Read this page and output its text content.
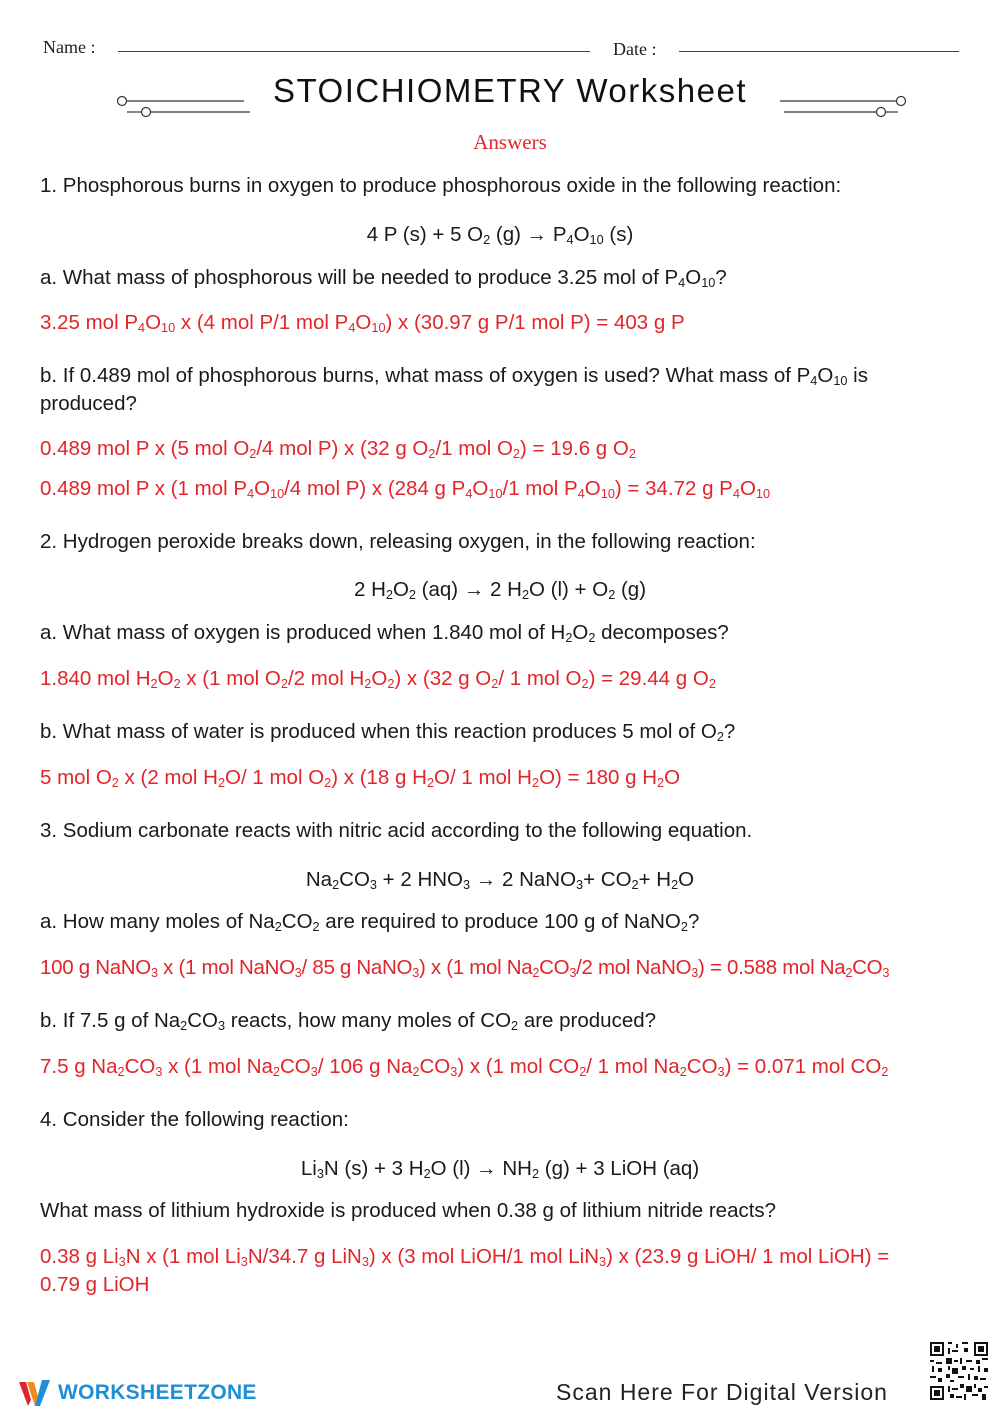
Name :	Date :
STOICHIOMETRY Worksheet
Answers
1. Phosphorous burns in oxygen to produce phosphorous oxide in the following reaction:
4 P (s) + 5 $O_2$ $(g) \to P_4O_{10}$ (s)
a. What mass of phosphorous will be needed to produce 3.25 mol of $P_4O_{10}$?
3.25 mol $P_4O_{10}$ x (4 mol P/1 mol $P_4O_{10}$) x (30.97 g P/1 mol P) = 403 g P
b. If 0.489 mol of phosphorous burns, what mass of oxygen is used? What mass of $P_4O_{10}$ is produced?
0.489 mol P x (5 mol $O_2/4$ mol P) x (32 g $O_2/1$ mol $O_2) = 19.6$ g $O_2$
0.489 mol P x (1 mol $P_4O_{10}/4$ mol P) x (284 g $P_4O_{10}/1$ mol $P_4O_{10}) = 34.72$ g $P_4O_{10}$
2. Hydrogen peroxide breaks down, releasing oxygen, in the following reaction:
2 $H_2O_2$ (aq) → 2 $H_2O$ $(l) + O_2$ (g)
a. What mass of oxygen is produced when 1.840 mol of $H_2O_2$ decomposes?
1.840 mol $H_2O_2$ x (1 mol $O_2/2$ mol $H_2O_2$) x (32 g $O_2/$ 1 mol $O_2) = 29.44$ g $O_2$
b. What mass of water is produced when this reaction produces 5 mol of $O_2$?
5 mol $O_2$ x (2 mol $H_2O/$ 1 mol $O_2$) x (18 g $H_2O/$ 1 mol $H_2O) = 180$ g $H_2O$
3. Sodium carbonate reacts with nitric acid according to the following equation.
$Na_2CO_3 + 2$ $HNO_3 \to 2$ NaNO$_3$+ $CO_2+ H_2O$
a. How many moles of $Na_2CO_2$ are required to produce 100 g of NaNO$_2$?
100 g NaNO$_3$ x (1 mol NaNO$_3$/ 85 g NaNO$_3$) x (1 mol $Na_2CO_3/2$ mol NaNO$_3$) = 0.588 mol $Na_2CO_3$
b. If 7.5 g of $Na_2CO_3$ reacts, how many moles of $CO_2$ are produced?
7.5 g $Na_2CO_3$ x (1 mol $Na_2CO_3/$ 106 g $Na_2CO_3$) x (1 mol $CO_2/$ 1 mol $Na_2CO_3) = 0.071$ mol $CO_2$
4. Consider the following reaction:
$Li_3N$ (s) + 3 $H_2O$ $(l) \to NH_2$ (g) + 3 LiOH (aq)
What mass of lithium hydroxide is produced when 0.38 g of lithium nitride reacts?
0.38 g $Li_3N$ x (1 mol $Li_3N/34.7$ g LiN$_3$) x (3 mol LiOH/1 mol LiN$_3$) x (23.9 g LiOH/ 1 mol LiOH) =
0.79 g LiOH
WORKSHEETZONE	Scan Here For Digital Version
